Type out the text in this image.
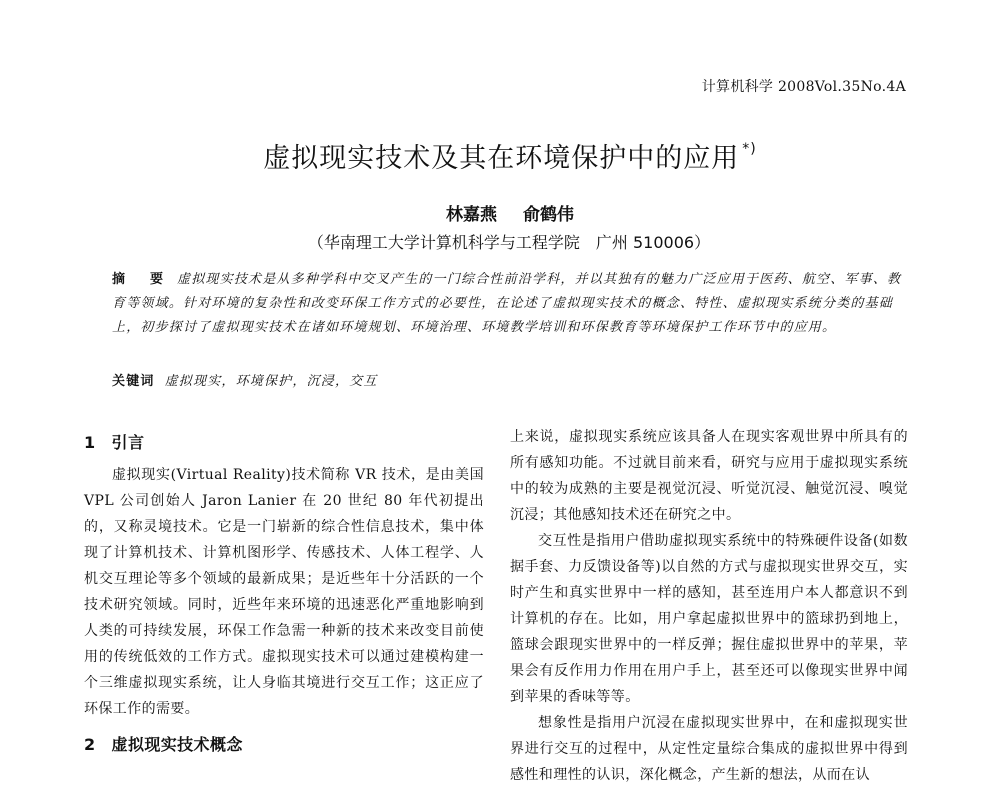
计算机科学 2008Vol.35No.4A
虚拟现实技术及其在环境保护中的应用 *)
林嘉燕 俞鹤伟
（华南理工大学计算机科学与工程学院　广州 510006）
摘　要 虚拟现实技术是从多种学科中交叉产生的一门综合性前沿学科，并以其独有的魅力广泛应用于医药、航空、军事、教育等领域。针对环境的复杂性和改变环保工作方式的必要性，在论述了虚拟现实技术的概念、特性、虚拟现实系统分类的基础上，初步探讨了虚拟现实技术在诸如环境规划、环境治理、环境教学培训和环保教育等环境保护工作环节中的应用。
关键词 虚拟现实，环境保护，沉浸，交互
1 引言

虚拟现实(Virtual Reality)技术简称 VR 技术，是由美国 VPL 公司创始人 Jaron Lanier 在 20 世纪 80 年代初提出的，又称灵境技术。它是一门崭新的综合性信息技术，集中体现了计算机技术、计算机图形学、传感技术、人体工程学、人机交互理论等多个领域的最新成果；是近些年十分活跃的一个技术研究领域。同时，近些年来环境的迅速恶化严重地影响到人类的可持续发展，环保工作急需一种新的技术来改变目前使用的传统低效的工作方式。虚拟现实技术可以通过建模构建一个三维虚拟现实系统，让人身临其境进行交互工作；这正应了环保工作的需要。

2 虚拟现实技术概念

上来说，虚拟现实系统应该具备人在现实客观世界中所具有的所有感知功能。不过就目前来看，研究与应用于虚拟现实系统中的较为成熟的主要是视觉沉浸、听觉沉浸、触觉沉浸、嗅觉沉浸；其他感知技术还在研究之中。

交互性是指用户借助虚拟现实系统中的特殊硬件设备(如数据手套、力反馈设备等)以自然的方式与虚拟现实世界交互，实时产生和真实世界中一样的感知，甚至连用户本人都意识不到计算机的存在。比如，用户拿起虚拟世界中的篮球扔到地上，篮球会跟现实世界中的一样反弹；握住虚拟世界中的苹果，苹果会有反作用力作用在用户手上，甚至还可以像现实世界中闻到苹果的香味等等。

想象性是指用户沉浸在虚拟现实世界中，在和虚拟现实世界进行交互的过程中，从定性定量综合集成的虚拟世界中得到感性和理性的认识，深化概念，产生新的想法，从而在认
